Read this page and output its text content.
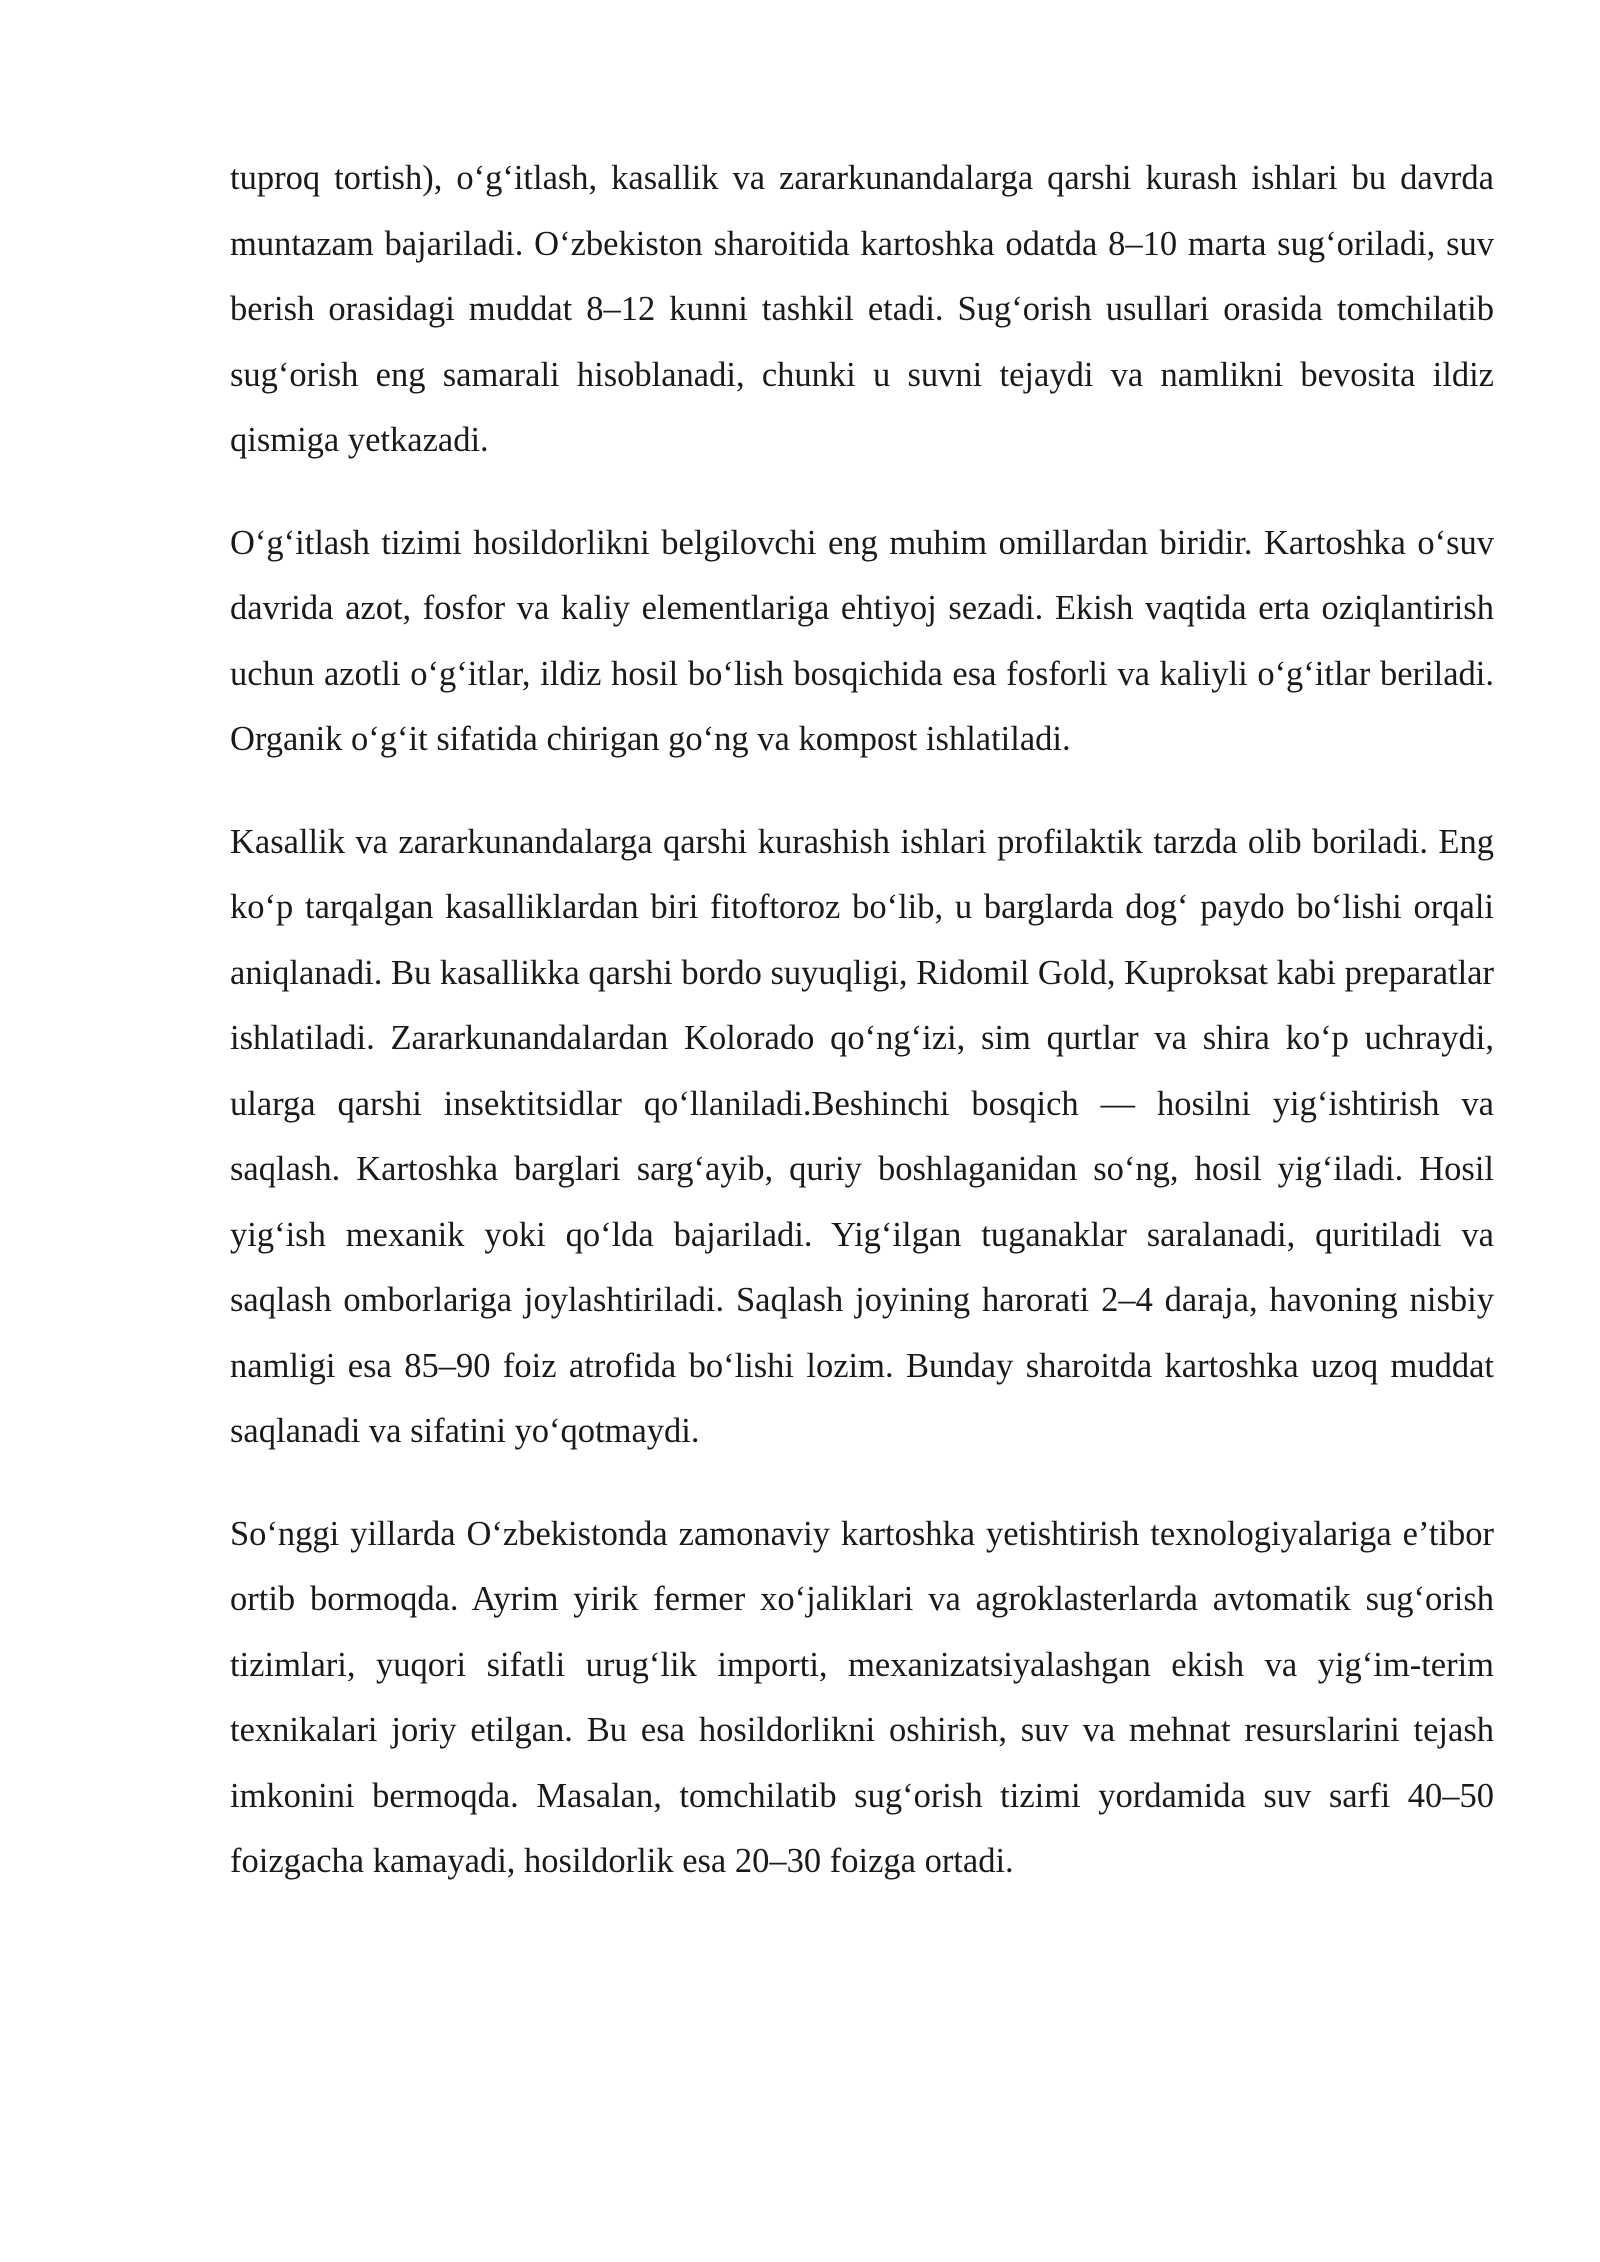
tuproq tortish), o‘g‘itlash, kasallik va zararkunandalarga qarshi kurash ishlari bu davrda muntazam bajariladi. O‘zbekiston sharoitida kartoshka odatda 8–10 marta sug‘oriladi, suv berish orasidagi muddat 8–12 kunni tashkil etadi. Sug‘orish usullari orasida tomchilatib sug‘orish eng samarali hisoblanadi, chunki u suvni tejaydi va namlikni bevosita ildiz qismiga yetkazadi.

O‘g‘itlash tizimi hosildorlikni belgilovchi eng muhim omillardan biridir. Kartoshka o‘suv davrida azot, fosfor va kaliy elementlariga ehtiyoj sezadi. Ekish vaqtida erta oziqlantirish uchun azotli o‘g‘itlar, ildiz hosil bo‘lish bosqichida esa fosforli va kaliyli o‘g‘itlar beriladi. Organik o‘g‘it sifatida chirigan go‘ng va kompost ishlatiladi.

Kasallik va zararkunandalarga qarshi kurashish ishlari profilaktik tarzda olib boriladi. Eng ko‘p tarqalgan kasalliklardan biri fitoftoroz bo‘lib, u barglarda dog‘ paydo bo‘lishi orqali aniqlanadi. Bu kasallikka qarshi bordo suyuqligi, Ridomil Gold, Kuproksat kabi preparatlar ishlatiladi. Zararkunandalardan Kolorado qo‘ng‘izi, sim qurtlar va shira ko‘p uchraydi, ularga qarshi insektitsidlar qo‘llaniladi.Beshinchi bosqich — hosilni yig‘ishtirish va saqlash. Kartoshka barglari sarg‘ayib, quriy boshlaganidan so‘ng, hosil yig‘iladi. Hosil yig‘ish mexanik yoki qo‘lda bajariladi. Yig‘ilgan tuganaklar saralanadi, quritiladi va saqlash omborlariga joylashtiriladi. Saqlash joyining harorati 2–4 daraja, havoning nisbiy namligi esa 85–90 foiz atrofida bo‘lishi lozim. Bunday sharoitda kartoshka uzoq muddat saqlanadi va sifatini yo‘qotmaydi.

So‘nggi yillarda O‘zbekistonda zamonaviy kartoshka yetishtirish texnologiyalariga e’tibor ortib bormoqda. Ayrim yirik fermer xo‘jaliklari va agroklasterlarda avtomatik sug‘orish tizimlari, yuqori sifatli urug‘lik importi, mexanizatsiyalashgan ekish va yig‘im-terim texnikalari joriy etilgan. Bu esa hosildorlikni oshirish, suv va mehnat resurslarini tejash imkonini bermoqda. Masalan, tomchilatib sug‘orish tizimi yordamida suv sarfi 40–50 foizgacha kamayadi, hosildorlik esa 20–30 foizga ortadi.
